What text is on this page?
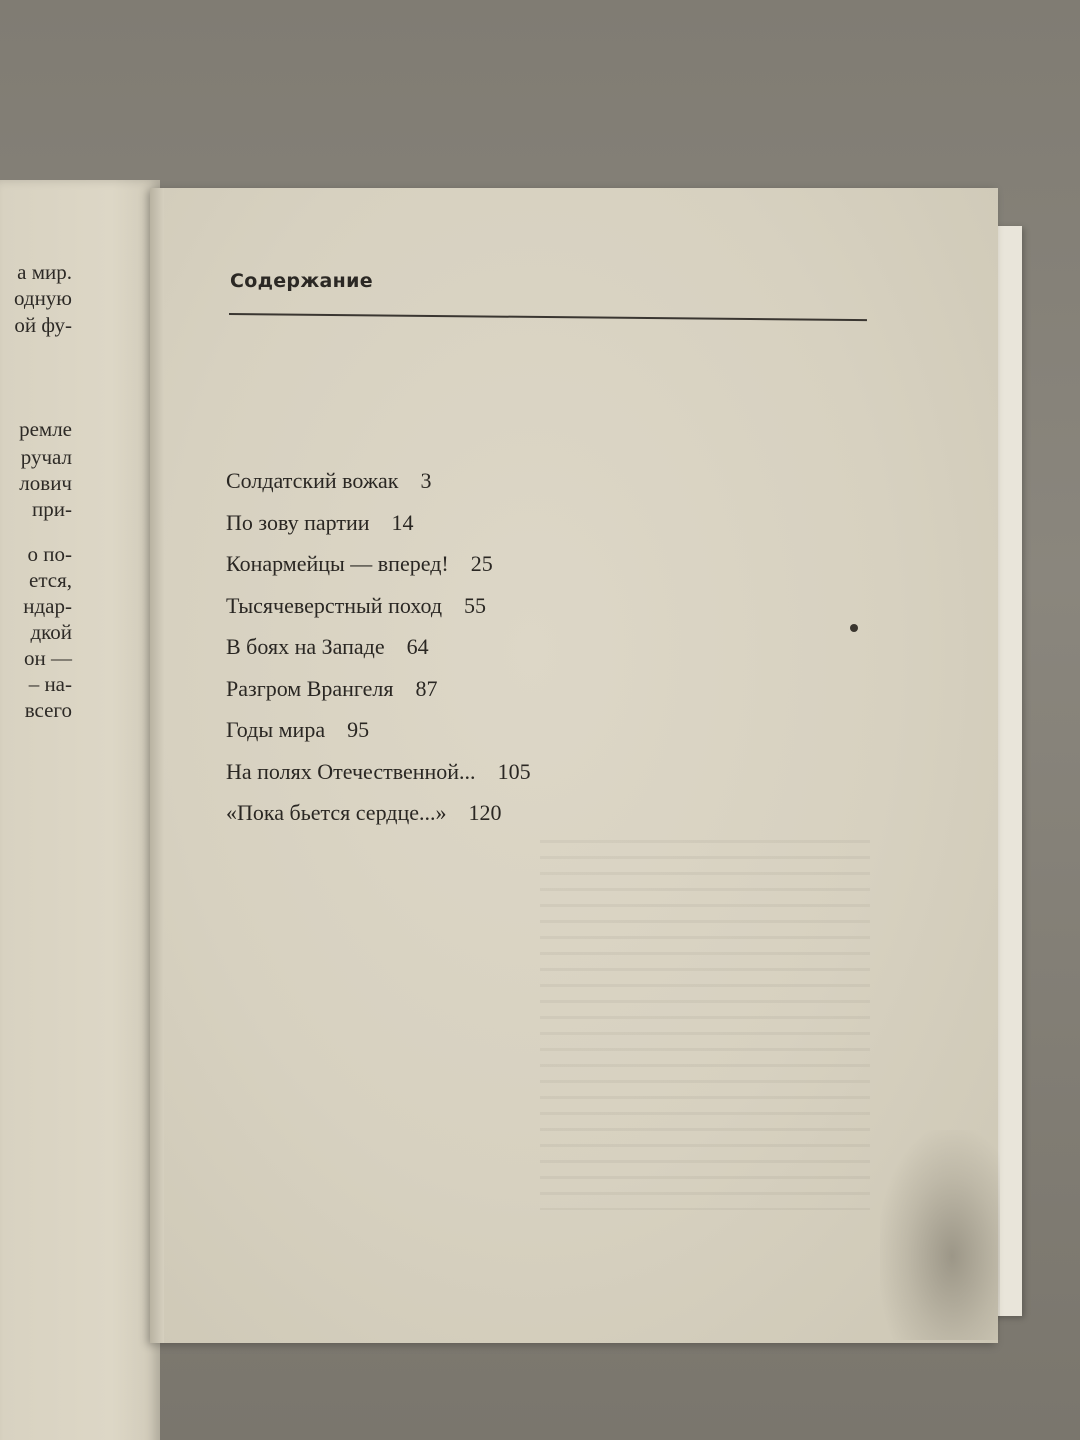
а мир.
одную
ой фу-
ремле
ручал
лович
при-
о по-
ется,
ндар-
дкой
он —
– на-
всего
Содержание
Солдатский вожак 3
По зову партии 14
Конармейцы — вперед! 25
Тысячеверстный поход 55
В боях на Западе 64
Разгром Врангеля 87
Годы мира 95
На полях Отечественной... 105
«Пока бьется сердце...» 120
